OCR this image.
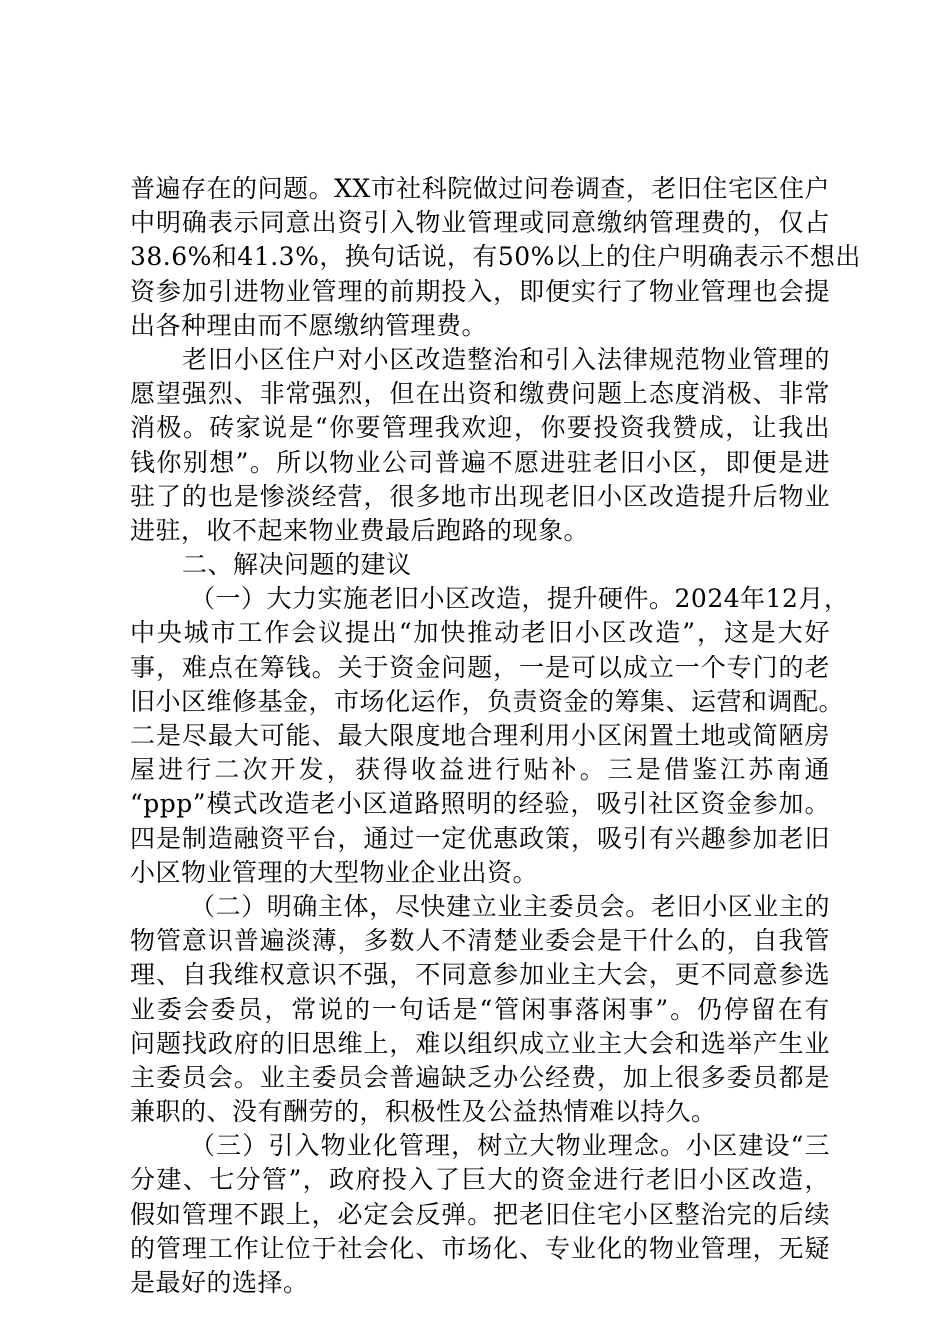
普遍存在的问题。XX市社科院做过问卷调查，老旧住宅区住户
中明确表示同意出资引入物业管理或同意缴纳管理费的，仅占
38.6%和41.3%，换句话说，有50%以上的住户明确表示不想出
资参加引进物业管理的前期投入，即便实行了物业管理也会提
出各种理由而不愿缴纳管理费。
老旧小区住户对小区改造整治和引入法律规范物业管理的
愿望强烈、非常强烈，但在出资和缴费问题上态度消极、非常
消极。砖家说是“你要管理我欢迎，你要投资我赞成，让我出
钱你别想”。所以物业公司普遍不愿进驻老旧小区，即便是进
驻了的也是惨淡经营，很多地市出现老旧小区改造提升后物业
进驻，收不起来物业费最后跑路的现象。
二、解决问题的建议
（一）大力实施老旧小区改造，提升硬件。2024年12月，
中央城市工作会议提出“加快推动老旧小区改造”，这是大好
事，难点在筹钱。关于资金问题，一是可以成立一个专门的老
旧小区维修基金，市场化运作，负责资金的筹集、运营和调配。
二是尽最大可能、最大限度地合理利用小区闲置土地或简陋房
屋进行二次开发，获得收益进行贴补。三是借鉴江苏南通
“ppp”模式改造老小区道路照明的经验，吸引社区资金参加。
四是制造融资平台，通过一定优惠政策，吸引有兴趣参加老旧
小区物业管理的大型物业企业出资。
（二）明确主体，尽快建立业主委员会。老旧小区业主的
物管意识普遍淡薄，多数人不清楚业委会是干什么的，自我管
理、自我维权意识不强，不同意参加业主大会，更不同意参选
业委会委员，常说的一句话是“管闲事落闲事”。仍停留在有
问题找政府的旧思维上，难以组织成立业主大会和选举产生业
主委员会。业主委员会普遍缺乏办公经费，加上很多委员都是
兼职的、没有酬劳的，积极性及公益热情难以持久。
（三）引入物业化管理，树立大物业理念。小区建设“三
分建、七分管”，政府投入了巨大的资金进行老旧小区改造，
假如管理不跟上，必定会反弹。把老旧住宅小区整治完的后续
的管理工作让位于社会化、市场化、专业化的物业管理，无疑
是最好的选择。
